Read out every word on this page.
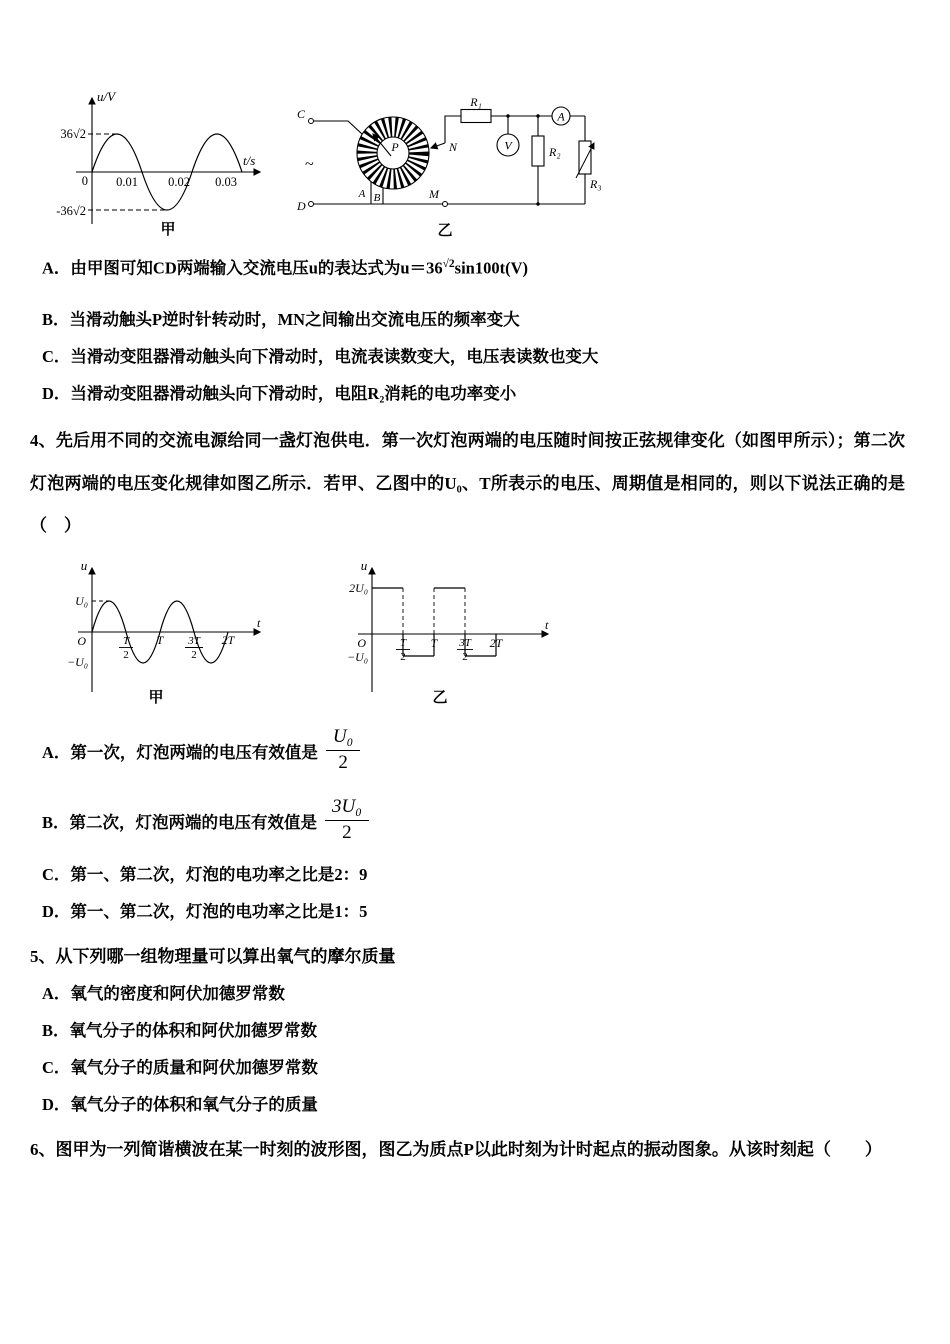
u/V
36√2
0
-36√2
t/s
0.01 0.02 0.03
甲
C
D
~
A B
P	N
M
R₁
V
A
R₂
R₃
乙
A．由甲图可知CD两端输入交流电压u的表达式为$u=36^{√2}\sin 100t(V)$
B．当滑动触头P逆时针转动时，MN之间输出交流电压的频率变大
C．当滑动变阻器滑动触头向下滑动时，电流表读数变大，电压表读数也变大
D．当滑动变阻器滑动触头向下滑动时，电阻R₂消耗的电功率变小

4、先后用不同的交流电源给同一盏灯泡供电．第一次灯泡两端的电压随时间按正弦规律变化（如图甲所示）；第二次灯泡两端的电压变化规律如图乙所示．若甲、乙图中的U₀、T所表示的电压、周期值是相同的，则以下说法正确的是（　）

u
U₀
O
−U₀
T
2
T 3T
2
2T
t
甲
u
2U₀
O
−U₀
T
2
T 3T
2
2T
t
乙
A． 第一次，灯泡两端的电压有效值是 $\frac{\text{U₀}}{2}$
B． 第二次，灯泡两端的电压有效值是 $\frac{\text{3U₀}}{2}$
C．第一、第二次，灯泡的电功率之比是2：9
D．第一、第二次，灯泡的电功率之比是1：5

5、从下列哪一组物理量可以算出氧气的摩尔质量

A．氧气的密度和阿伏加德罗常数
B．氧气分子的体积和阿伏加德罗常数
C．氧气分子的质量和阿伏加德罗常数
D．氧气分子的体积和氧气分子的质量

6、图甲为一列简谐横波在某一时刻的波形图，图乙为质点P以此时刻为计时起点的振动图象。从该时刻起（　　）
